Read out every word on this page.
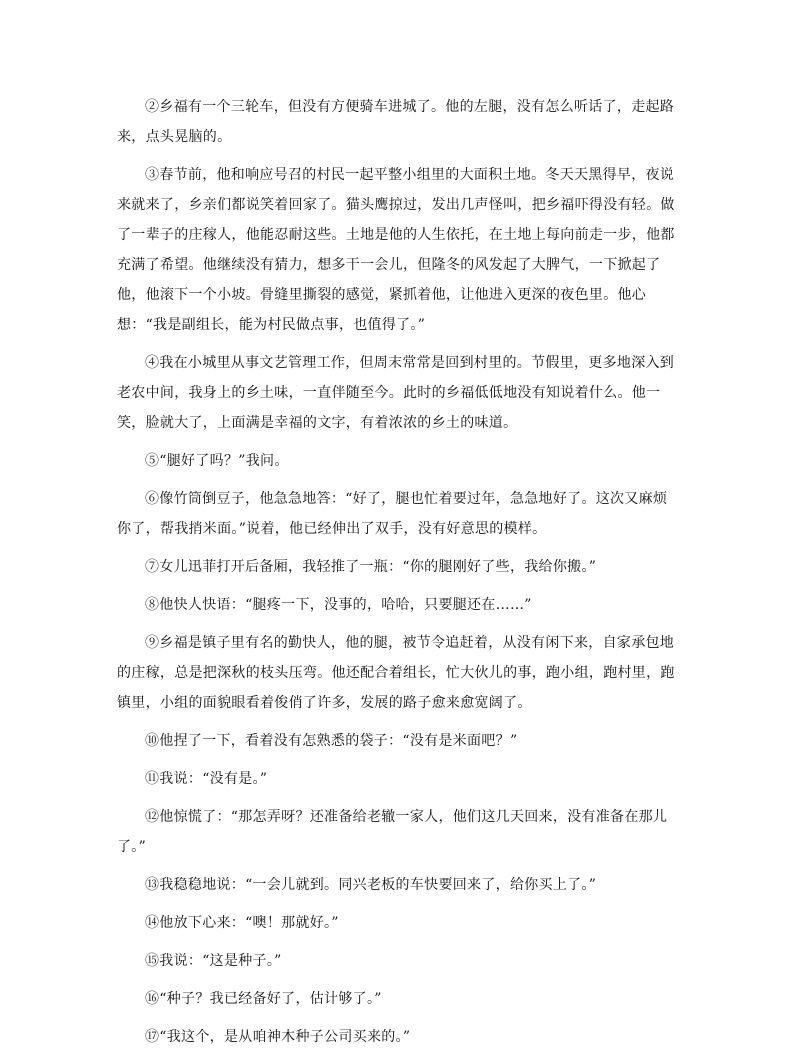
②乡福有一个三轮车，但没有方便骑车进城了。他的左腿，没有怎么听话了，走起路来，点头晃脑的。

③春节前，他和响应号召的村民一起平整小组里的大面积土地。冬天天黑得早，夜说来就来了，乡亲们都说笑着回家了。猫头鹰掠过，发出几声怪叫，把乡福吓得没有轻。做了一辈子的庄稼人，他能忍耐这些。土地是他的人生依托，在土地上每向前走一步，他都充满了希望。他继续没有猜力，想多干一会儿，但隆冬的风发起了大脾气，一下掀起了他，他滚下一个小坡。骨缝里撕裂的感觉，紧抓着他，让他进入更深的夜色里。他心想：“我是副组长，能为村民做点事，也值得了。”

④我在小城里从事文艺管理工作，但周末常常是回到村里的。节假里，更多地深入到老农中间，我身上的乡土味，一直伴随至今。此时的乡福低低地没有知说着什么。他一笑，脸就大了，上面满是幸福的文字，有着浓浓的乡土的味道。

⑤“腿好了吗？”我问。

⑥像竹筒倒豆子，他急急地答：“好了，腿也忙着要过年，急急地好了。这次又麻烦你了，帮我捎米面。”说着，他已经伸出了双手，没有好意思的模样。

⑦女儿迅菲打开后备厢，我轻推了一瓶：“你的腿刚好了些，我给你搬。”

⑧他快人快语：“腿疼一下，没事的，哈哈，只要腿还在……”

⑨乡福是镇子里有名的勤快人，他的腿，被节令追赶着，从没有闲下来，自家承包地的庄稼，总是把深秋的枝头压弯。他还配合着组长，忙大伙儿的事，跑小组，跑村里，跑镇里，小组的面貌眼看着俊俏了许多，发展的路子愈来愈宽阔了。

⑩他捏了一下，看着没有怎熟悉的袋子：“没有是米面吧？”

⑪我说：“没有是。”

⑫他惊慌了：“那怎弄呀？还准备给老辙一家人，他们这几天回来，没有准备在那儿了。”

⑬我稳稳地说：“一会儿就到。同兴老板的车快要回来了，给你买上了。”

⑭他放下心来：“噢！那就好。”

⑮我说：“这是种子。”

⑯“种子？我已经备好了，估计够了。”

⑰“我这个，是从咱神木种子公司买来的。”
